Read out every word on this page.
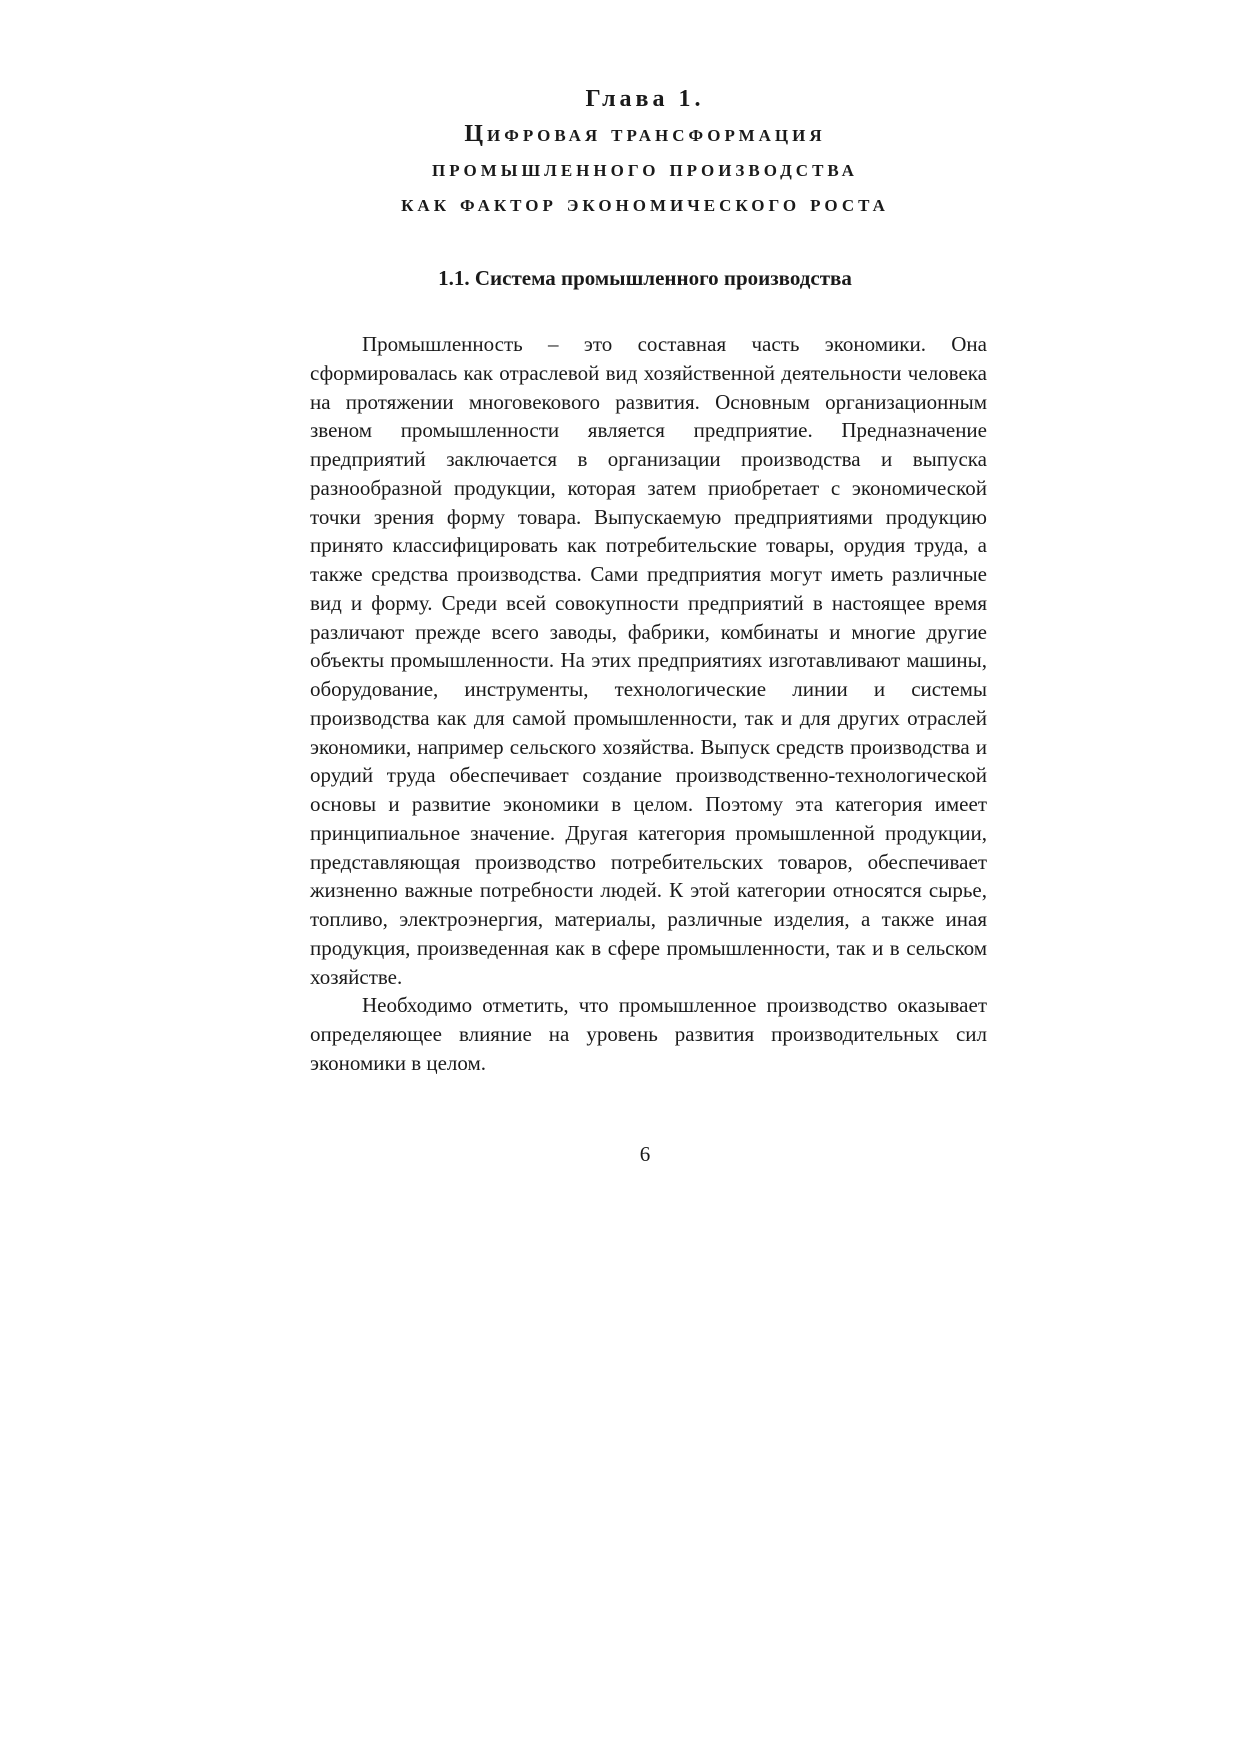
Глава 1.
Цифровая трансформация
промышленного производства
как фактор экономического роста
1.1. Система промышленного производства

Промышленность – это составная часть экономики. Она сформировалась как отраслевой вид хозяйственной деятельности человека на протяжении многовекового развития. Основным организационным звеном промышленности является предприятие. Предназначение предприятий заключается в организации производства и выпуска разнообразной продукции, которая затем приобретает с экономической точки зрения форму товара. Выпускаемую предприятиями продукцию принято классифицировать как потребительские товары, орудия труда, а также средства производства. Сами предприятия могут иметь различные вид и форму. Среди всей совокупности предприятий в настоящее время различают прежде всего заводы, фабрики, комбинаты и многие другие объекты промышленности. На этих предприятиях изготавливают машины, оборудование, инструменты, технологические линии и системы производства как для самой промышленности, так и для других отраслей экономики, например сельского хозяйства. Выпуск средств производства и орудий труда обеспечивает создание производственно-технологической основы и развитие экономики в целом. Поэтому эта категория имеет принципиальное значение. Другая категория промышленной продукции, представляющая производство потребительских товаров, обеспечивает жизненно важные потребности людей. К этой категории относятся сырье, топливо, электроэнергия, материалы, различные изделия, а также иная продукция, произведенная как в сфере промышленности, так и в сельском хозяйстве.

Необходимо отметить, что промышленное производство оказывает определяющее влияние на уровень развития производительных сил экономики в целом.

6
